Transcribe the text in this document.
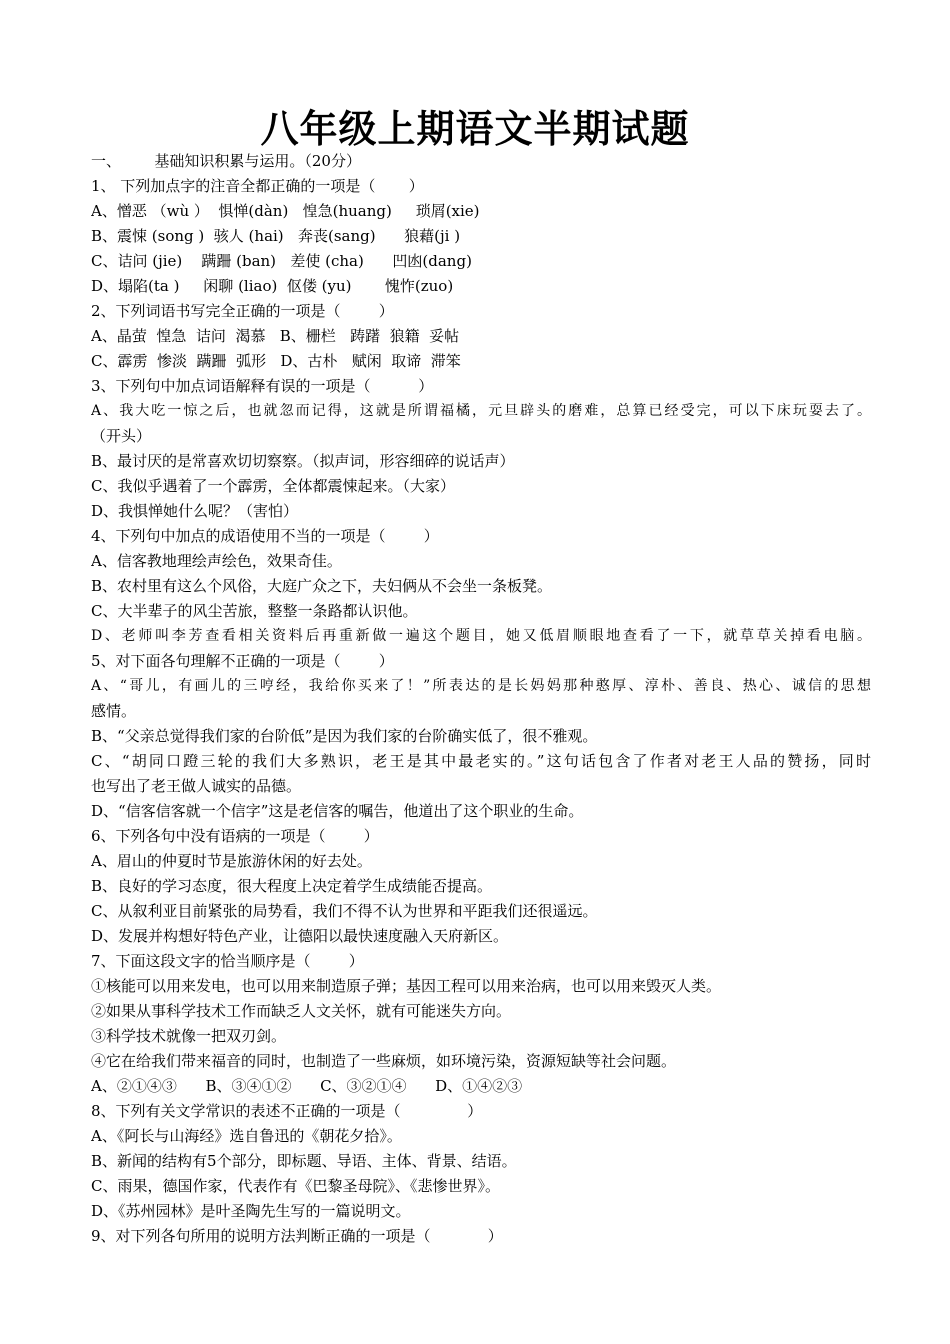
八年级上期语文半期试题
一、       基础知识积累与运用。（20分）
1、 下列加点字的注音全都正确的一项是（       ）
A、憎恶 （wù ）  惧惮(dàn)   惶急(huang)     琐屑(xie)
B、震悚 (song )  骇人 (hai)   奔丧(sang)      狼藉(ji )
C、诘问 (jie)    蹒跚 (ban)   差使 (cha)      凹凼(dang)
D、塌陷(ta )     闲聊 (liao)  伛偻 (yu)       愧怍(zuo)
2、下列词语书写完全正确的一项是（        ）
A、晶萤  惶急  诘问  渴慕   B、栅栏   踌躇  狼籍  妥帖
C、霹雳  惨淡  蹒跚  弧形   D、古朴   赋闲  取谛  滞笨
3、下列句中加点词语解释有误的一项是（          ）
A、我大吃一惊之后，也就忽而记得，这就是所谓福橘，元旦辟头的磨难，总算已经受完，可以下床玩耍去了。
（开头）
B、最讨厌的是常喜欢切切察察。（拟声词，形容细碎的说话声）
C、我似乎遇着了一个霹雳，全体都震悚起来。（大家）
D、我惧惮她什么呢？（害怕）
4、下列句中加点的成语使用不当的一项是（        ）
A、信客教地理绘声绘色，效果奇佳。
B、农村里有这么个风俗，大庭广众之下，夫妇俩从不会坐一条板凳。
C、大半辈子的风尘苦旅，整整一条路都认识他。
D、老师叫李芳查看相关资料后再重新做一遍这个题目，她又低眉顺眼地查看了一下，就草草关掉看电脑。
5、对下面各句理解不正确的一项是（        ）
A、“哥儿，有画儿的三哼经，我给你买来了！”所表达的是长妈妈那种憨厚、淳朴、善良、热心、诚信的思想
感情。
B、“父亲总觉得我们家的台阶低”是因为我们家的台阶确实低了，很不雅观。
C、“胡同口蹬三轮的我们大多熟识，老王是其中最老实的。”这句话包含了作者对老王人品的赞扬，同时
也写出了老王做人诚实的品德。
D、“信客信客就一个信字”这是老信客的嘱告，他道出了这个职业的生命。
6、下列各句中没有语病的一项是（        ）
A、眉山的仲夏时节是旅游休闲的好去处。
B、良好的学习态度，很大程度上决定着学生成绩能否提高。
C、从叙利亚目前紧张的局势看，我们不得不认为世界和平距我们还很遥远。
D、发展并构想好特色产业，让德阳以最快速度融入天府新区。
7、下面这段文字的恰当顺序是（        ）
①核能可以用来发电，也可以用来制造原子弹；基因工程可以用来治病，也可以用来毁灭人类。
②如果从事科学技术工作而缺乏人文关怀，就有可能迷失方向。
③科学技术就像一把双刃剑。
④它在给我们带来福音的同时，也制造了一些麻烦，如环境污染，资源短缺等社会问题。
A、②①④③      B、③④①②      C、③②①④      D、①④②③
8、下列有关文学常识的表述不正确的一项是（              ）
A、《阿长与山海经》选自鲁迅的《朝花夕拾》。
B、新闻的结构有5个部分，即标题、导语、主体、背景、结语。
C、雨果，德国作家，代表作有《巴黎圣母院》、《悲惨世界》。
D、《苏州园林》是叶圣陶先生写的一篇说明文。
9、对下列各句所用的说明方法判断正确的一项是（            ）
